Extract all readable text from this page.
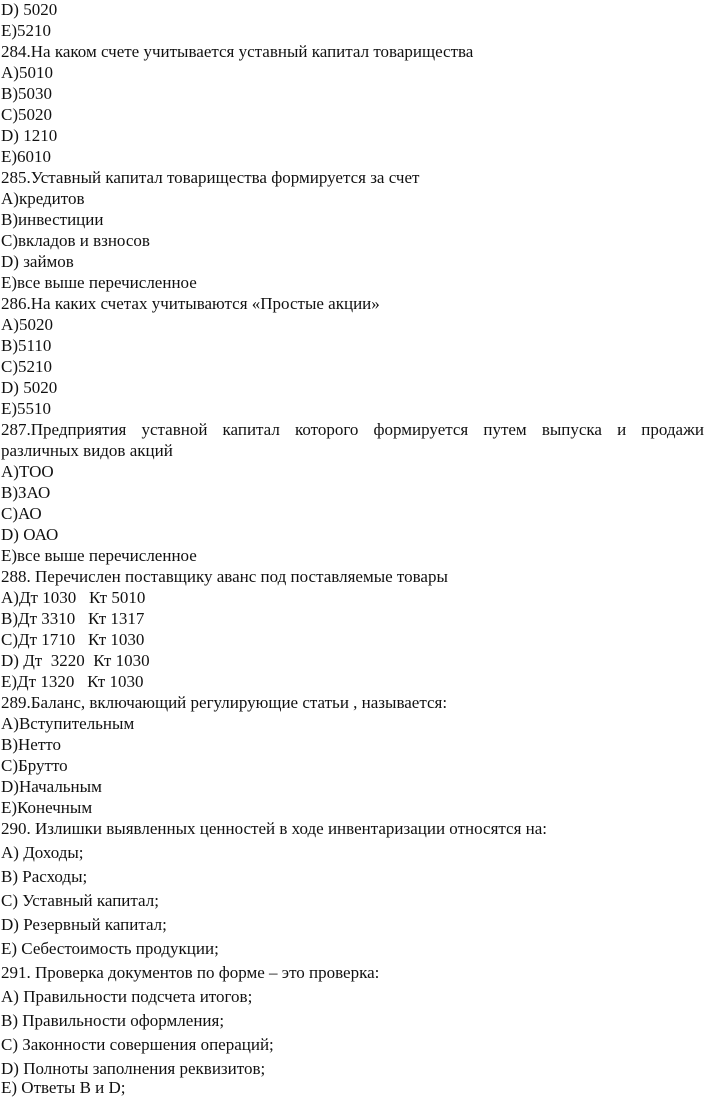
D) 5020
E)5210
284.На каком счете учитывается уставный капитал товарищества
A)5010
B)5030
C)5020
D) 1210
E)6010
285.Уставный капитал товарищества формируется за счет
A)кредитов
B)инвестиции
C)вкладов и взносов
D) займов
E)все выше перечисленное
286.На каких счетах учитываются «Простые акции»
A)5020
B)5110
C)5210
D) 5020
E)5510
287.Предприятия уставной капитал которого формируется путем выпуска и продажи
различных видов акций
A)ТОО
B)ЗАО
C)АО
D) ОАО
E)все выше перечисленное
288. Перечислен поставщику аванс под поставляемые товары
A)Дт 1030   Кт 5010
B)Дт 3310   Кт 1317
C)Дт 1710   Кт 1030
D) Дт  3220  Кт 1030
E)Дт 1320   Кт 1030
289.Баланс, включающий регулирующие статьи , называется:
A)Вступительным
B)Нетто
C)Брутто
D)Начальным
E)Конечным
290. Излишки выявленных ценностей в ходе инвентаризации относятся на:
A) Доходы;
B) Расходы;
C) Уставный капитал;
D) Резервный капитал;
E) Себестоимость продукции;
291. Проверка документов по форме – это проверка:
A) Правильности подсчета итогов;
B) Правильности оформления;
C) Законности совершения операций;
D) Полноты заполнения реквизитов;
E) Ответы B и D;
